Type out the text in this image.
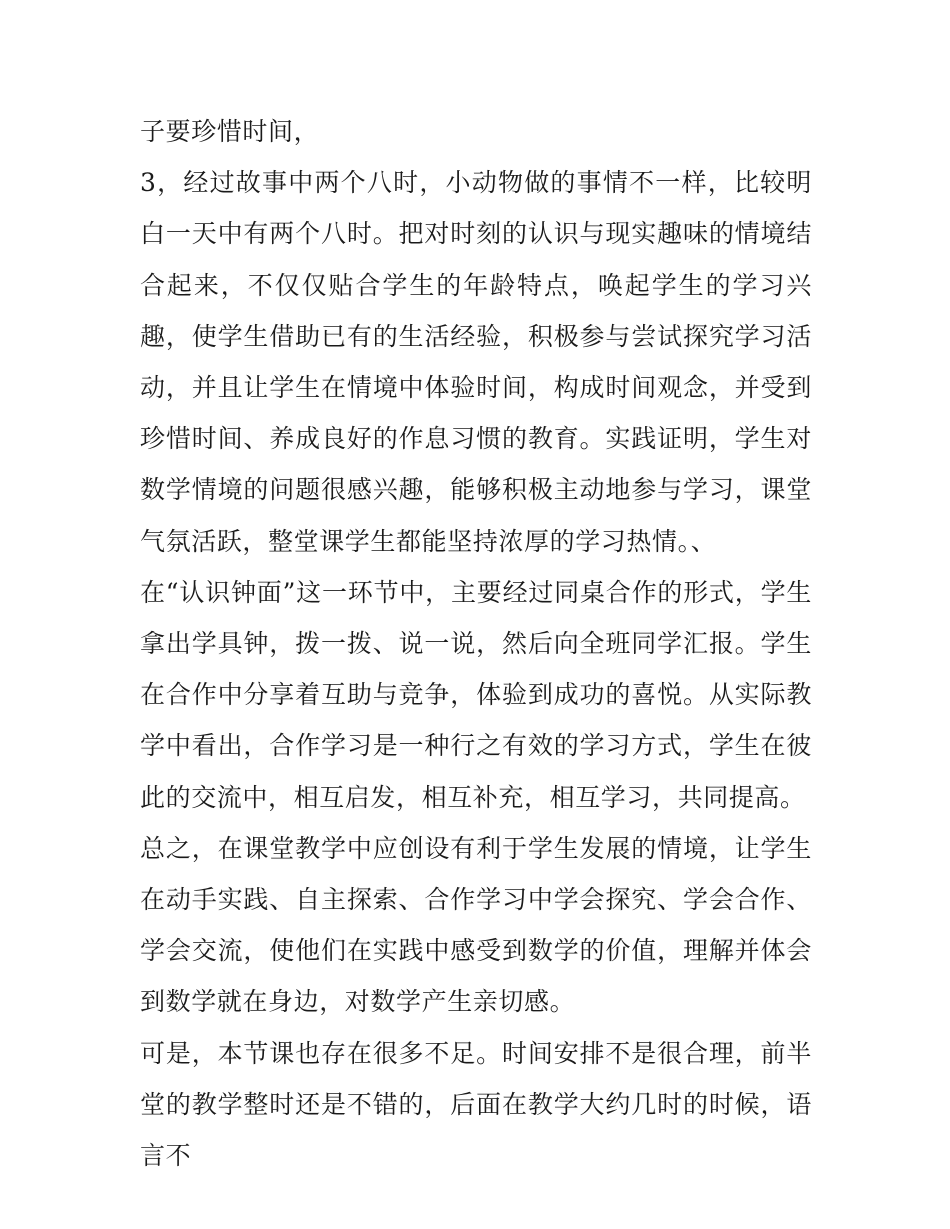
子要珍惜时间，

3，经过故事中两个八时，小动物做的事情不一样，比较明白一天中有两个八时。把对时刻的认识与现实趣味的情境结合起来，不仅仅贴合学生的年龄特点，唤起学生的学习兴趣，使学生借助已有的生活经验，积极参与尝试探究学习活动，并且让学生在情境中体验时间，构成时间观念，并受到珍惜时间、养成良好的作息习惯的教育。实践证明，学生对数学情境的问题很感兴趣，能够积极主动地参与学习，课堂气氛活跃，整堂课学生都能坚持浓厚的学习热情。、

在“认识钟面”这一环节中，主要经过同桌合作的形式，学生拿出学具钟，拨一拨、说一说，然后向全班同学汇报。学生在合作中分享着互助与竞争，体验到成功的喜悦。从实际教学中看出，合作学习是一种行之有效的学习方式，学生在彼此的交流中，相互启发，相互补充，相互学习，共同提高。

总之，在课堂教学中应创设有利于学生发展的情境，让学生在动手实践、自主探索、合作学习中学会探究、学会合作、学会交流，使他们在实践中感受到数学的价值，理解并体会到数学就在身边，对数学产生亲切感。

可是，本节课也存在很多不足。时间安排不是很合理，前半堂的教学整时还是不错的，后面在教学大约几时的时候，语言不
